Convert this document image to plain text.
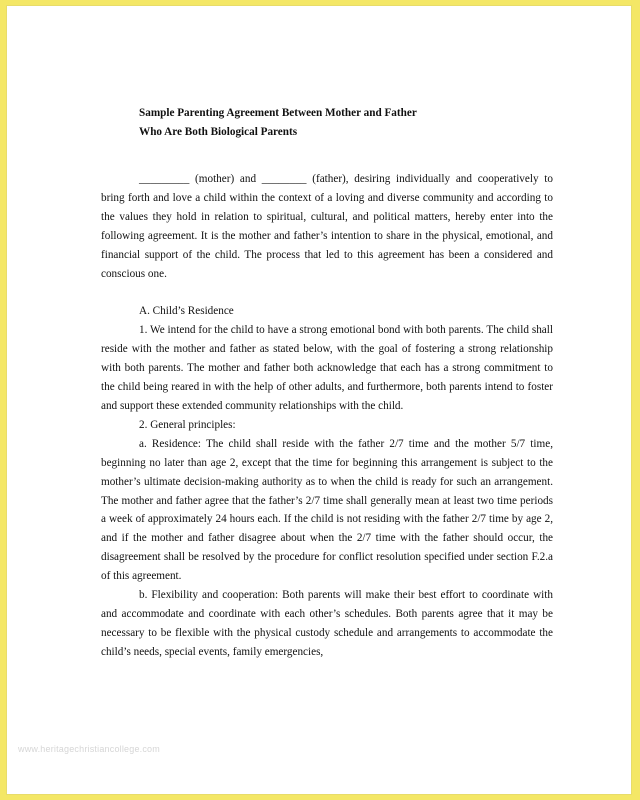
Sample Parenting Agreement Between Mother and Father
Who Are Both Biological Parents

_________ (mother) and ________ (father), desiring individually and cooperatively to bring forth and love a child within the context of a loving and diverse community and according to the values they hold in relation to spiritual, cultural, and political matters, hereby enter into the following agreement. It is the mother and father’s intention to share in the physical, emotional, and financial support of the child. The process that led to this agreement has been a considered and conscious one.

A. Child’s Residence

1. We intend for the child to have a strong emotional bond with both parents. The child shall reside with the mother and father as stated below, with the goal of fostering a strong relationship with both parents. The mother and father both acknowledge that each has a strong commitment to the child being reared in with the help of other adults, and furthermore, both parents intend to foster and support these extended community relationships with the child.

2. General principles:

a. Residence: The child shall reside with the father 2/7 time and the mother 5/7 time, beginning no later than age 2, except that the time for beginning this arrangement is subject to the mother’s ultimate decision-making authority as to when the child is ready for such an arrangement. The mother and father agree that the father’s 2/7 time shall generally mean at least two time periods a week of approximately 24 hours each. If the child is not residing with the father 2/7 time by age 2, and if the mother and father disagree about when the 2/7 time with the father should occur, the disagreement shall be resolved by the procedure for conflict resolution specified under section F.2.a of this agreement.

b. Flexibility and cooperation: Both parents will make their best effort to coordinate with and accommodate and coordinate with each other’s schedules. Both parents agree that it may be necessary to be flexible with the physical custody schedule and arrangements to accommodate the child’s needs, special events, family emergencies,

www.heritagechristiancollege.com
